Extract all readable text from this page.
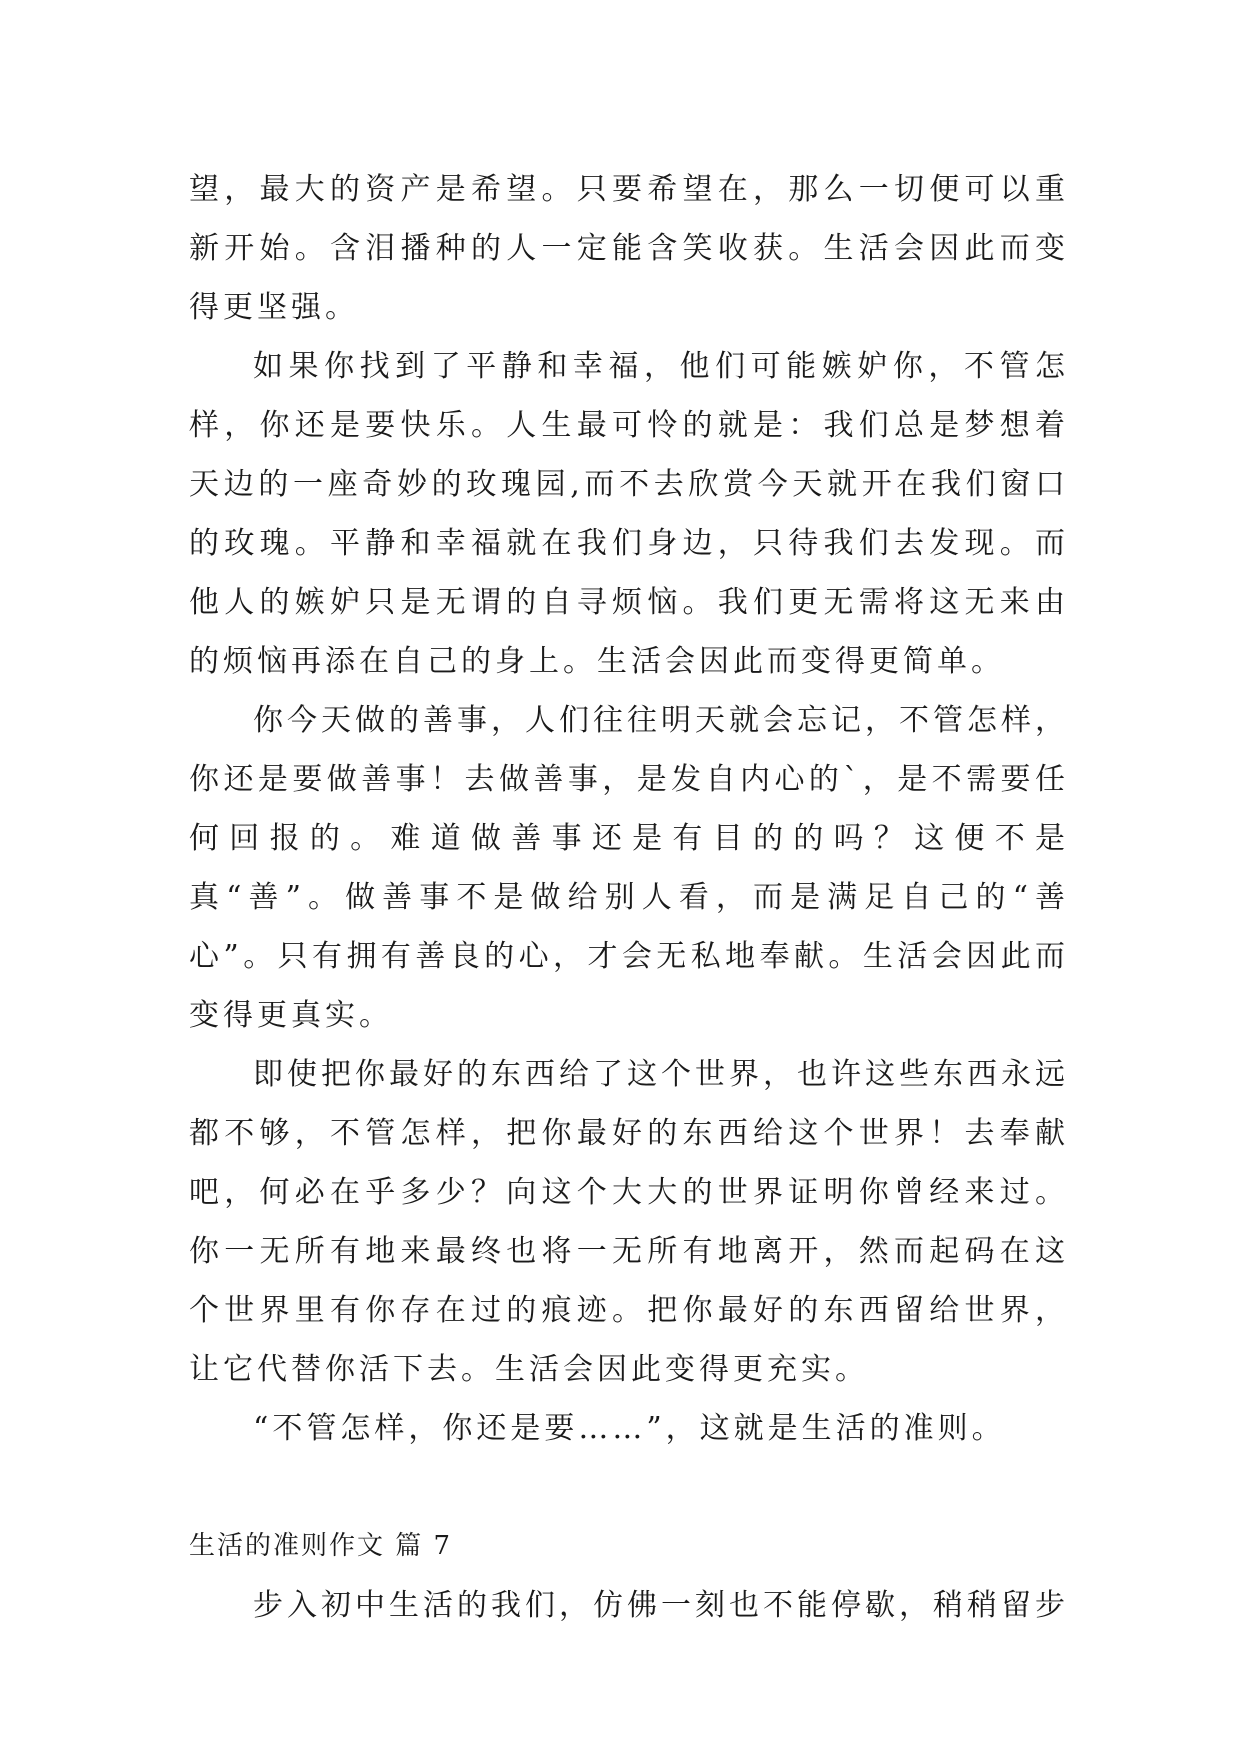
望，最大的资产是希望。只要希望在，那么一切便可以重新开始。含泪播种的人一定能含笑收获。生活会因此而变得更坚强。

如果你找到了平静和幸福，他们可能嫉妒你，不管怎样，你还是要快乐。人生最可怜的就是：我们总是梦想着天边的一座奇妙的玫瑰园,而不去欣赏今天就开在我们窗口的玫瑰。平静和幸福就在我们身边，只待我们去发现。而他人的嫉妒只是无谓的自寻烦恼。我们更无需将这无来由的烦恼再添在自己的身上。生活会因此而变得更简单。

你今天做的善事，人们往往明天就会忘记，不管怎样，你还是要做善事！去做善事，是发自内心的`，是不需要任何回报的。难道做善事还是有目的的吗？这便不是真“善”。做善事不是做给别人看，而是满足自己的“善心”。只有拥有善良的心，才会无私地奉献。生活会因此而变得更真实。

即使把你最好的东西给了这个世界，也许这些东西永远都不够，不管怎样，把你最好的东西给这个世界！去奉献吧，何必在乎多少？向这个大大的世界证明你曾经来过。你一无所有地来最终也将一无所有地离开，然而起码在这个世界里有你存在过的痕迹。把你最好的东西留给世界，让它代替你活下去。生活会因此变得更充实。

“不管怎样，你还是要……”，这就是生活的准则。

生活的准则作文 篇 7

步入初中生活的我们，仿佛一刻也不能停歇，稍稍留步
